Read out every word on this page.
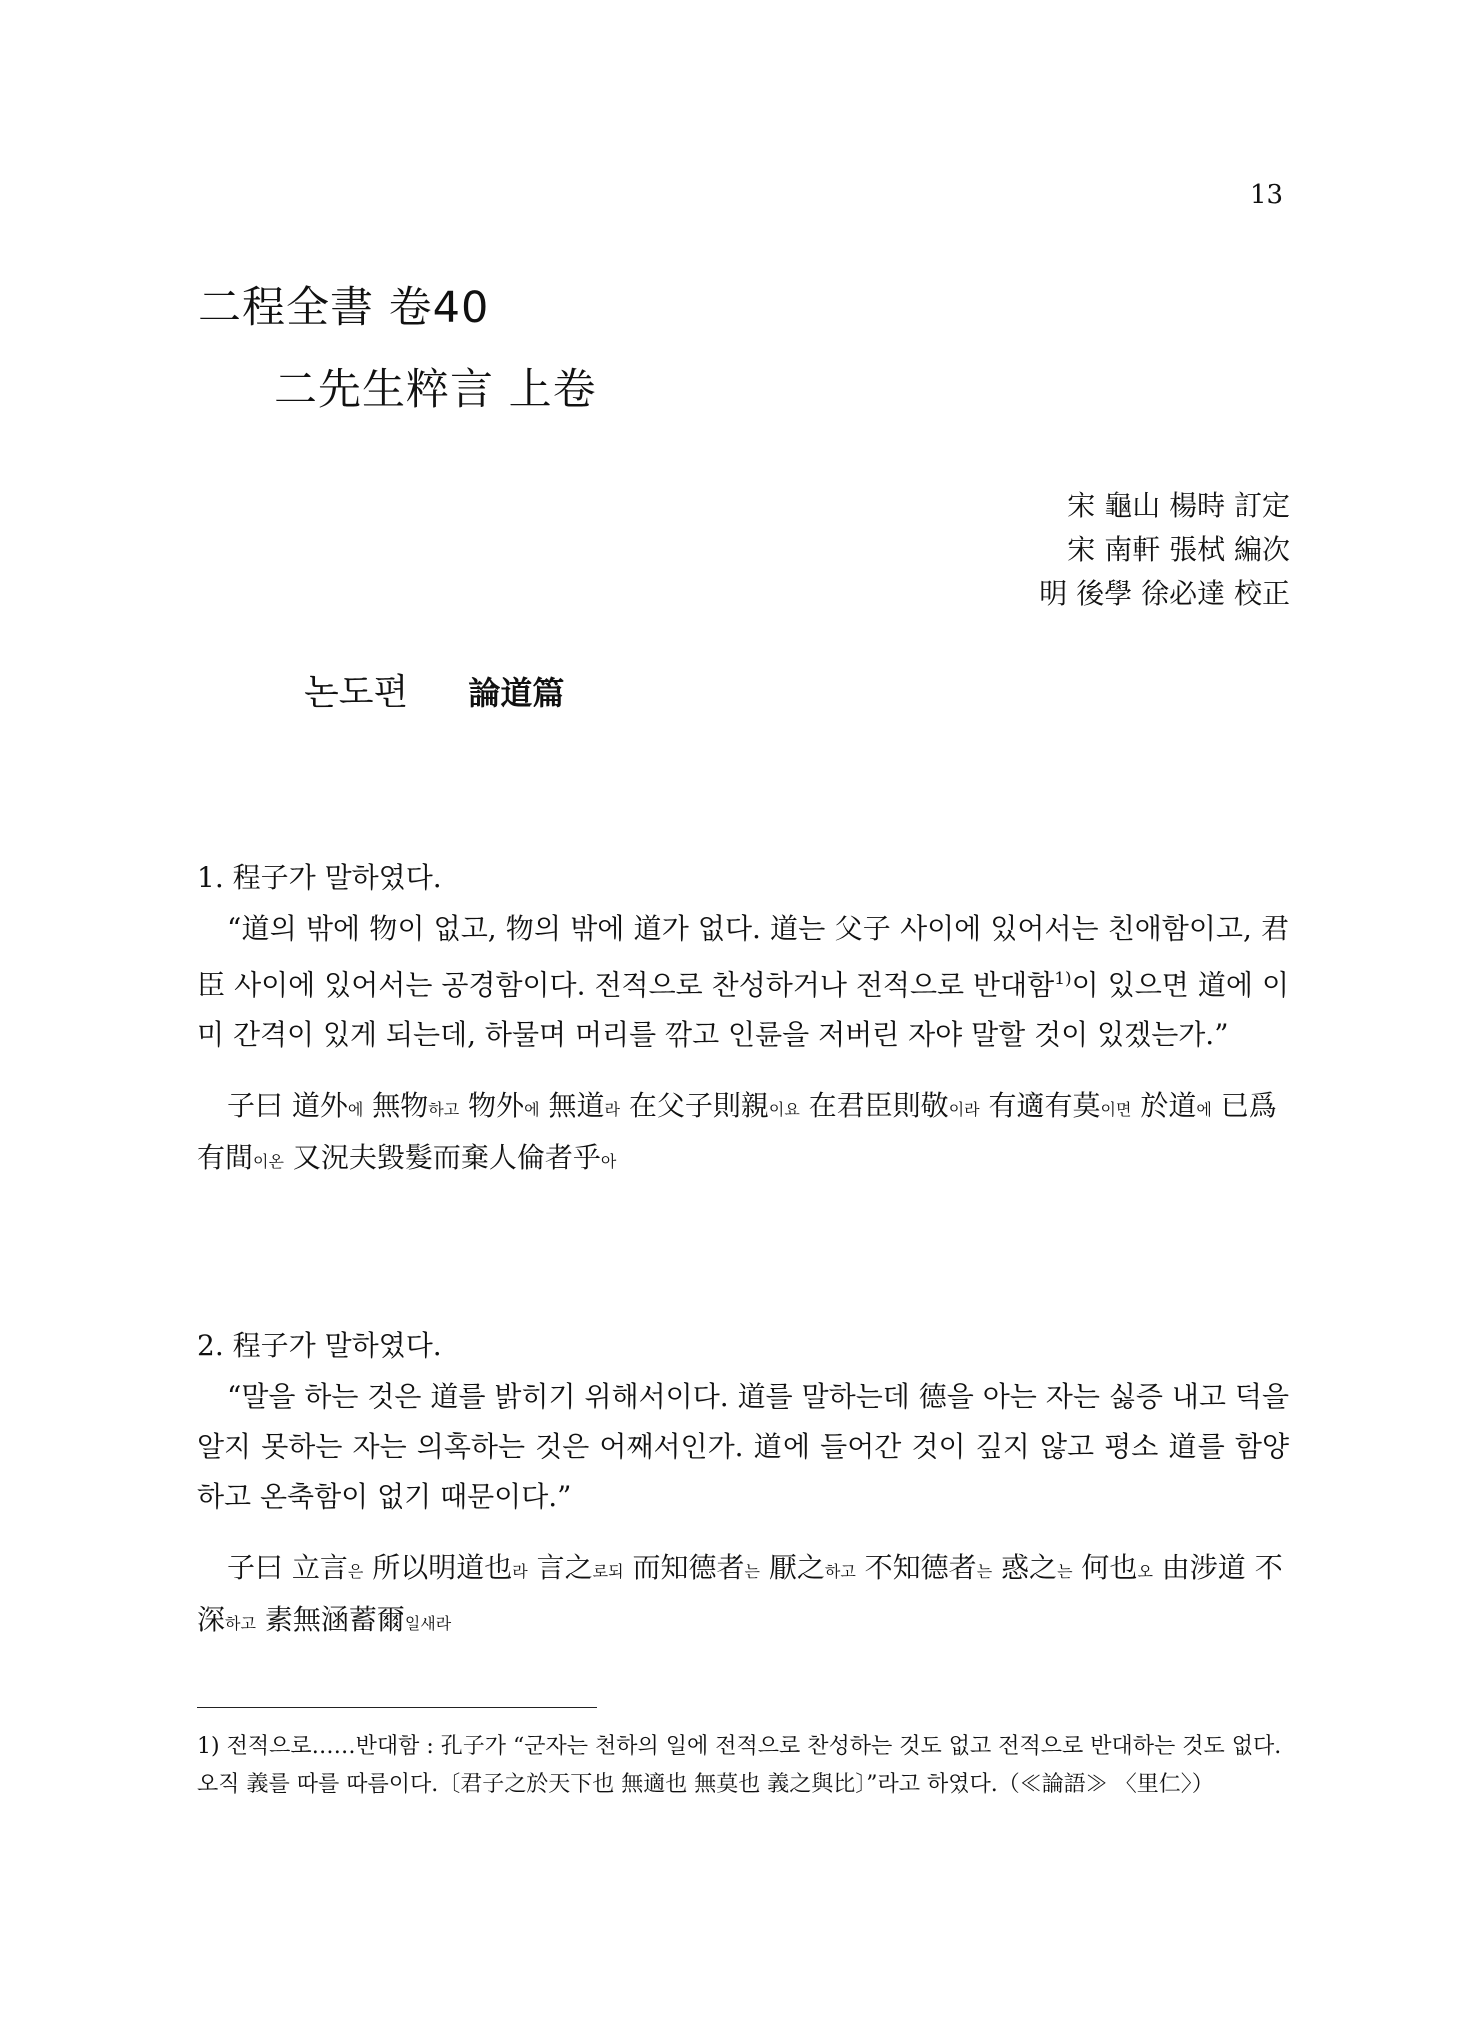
13
二程全書 卷40
二先生粹言 上卷
宋 龜山 楊時 訂定
宋 南軒 張栻 編次
明 後學 徐必達 校正
논도편 論道篇
1. 程子가 말하였다.
“道의 밖에 物이 없고, 物의 밖에 道가 없다. 道는 父子 사이에 있어서는 친애함이고, 君臣 사이에 있어서는 공경함이다. 전적으로 찬성하거나 전적으로 반대함$^{1)}$이 있으면 道에 이미 간격이 있게 되는데, 하물며 머리를 깎고 인륜을 저버린 자야 말할 것이 있겠는가.”
子曰 道外에 無物하고 物外에 無道라 在父子則親이요 在君臣則敬이라 有適有莫이면 於道에 已爲有間이온 又況夫毀髮而棄人倫者乎아
2. 程子가 말하였다.
“말을 하는 것은 道를 밝히기 위해서이다. 道를 말하는데 德을 아는 자는 싫증 내고 덕을 알지 못하는 자는 의혹하는 것은 어째서인가. 道에 들어간 것이 깊지 않고 평소 道를 함양하고 온축함이 없기 때문이다.”
子曰 立言은 所以明道也라 言之로되 而知德者는 厭之하고 不知德者는 惑之는 何也오 由涉道 不深하고 素無涵蓄爾일새라
1) 전적으로……반대함 : 孔子가 “군자는 천하의 일에 전적으로 찬성하는 것도 없고 전적으로 반대하는 것도 없다. 오직 義를 따를 따름이다.〔君子之於天下也 無適也 無莫也 義之與比〕”라고 하였다.（≪論語≫ 〈里仁〉）
